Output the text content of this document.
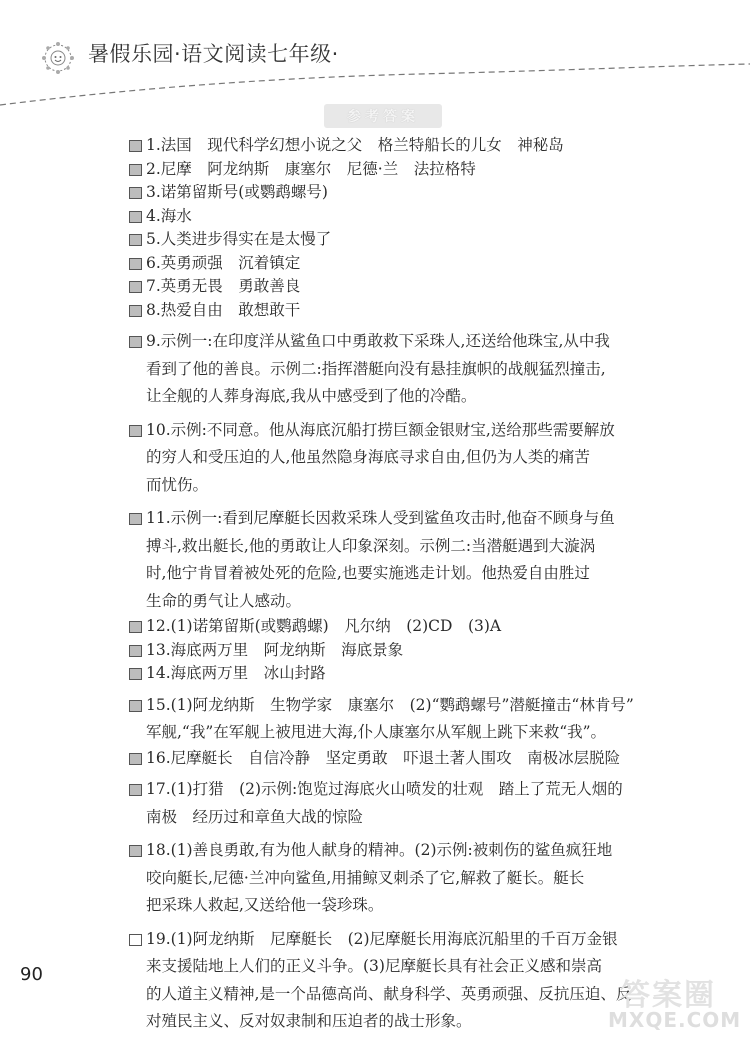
暑假乐园·语文阅读七年级·
参考答案
1.法国　现代科学幻想小说之父　格兰特船长的儿女　神秘岛
2.尼摩　阿龙纳斯　康塞尔　尼德·兰　法拉格特
3.诺第留斯号(或鹦鹉螺号)
4.海水
5.人类进步得实在是太慢了
6.英勇顽强　沉着镇定
7.英勇无畏　勇敢善良
8.热爱自由　敢想敢干
9.示例一:在印度洋从鲨鱼口中勇敢救下采珠人,还送给他珠宝,从中我
看到了他的善良。示例二:指挥潜艇向没有悬挂旗帜的战舰猛烈撞击,
让全舰的人葬身海底,我从中感受到了他的冷酷。
10.示例:不同意。他从海底沉船打捞巨额金银财宝,送给那些需要解放
的穷人和受压迫的人,他虽然隐身海底寻求自由,但仍为人类的痛苦
而忧伤。
11.示例一:看到尼摩艇长因救采珠人受到鲨鱼攻击时,他奋不顾身与鱼
搏斗,救出艇长,他的勇敢让人印象深刻。示例二:当潜艇遇到大漩涡
时,他宁肯冒着被处死的危险,也要实施逃走计划。他热爱自由胜过
生命的勇气让人感动。
12.(1)诺第留斯(或鹦鹉螺)　凡尔纳　(2)CD　(3)A
13.海底两万里　阿龙纳斯　海底景象
14.海底两万里　冰山封路
15.(1)阿龙纳斯　生物学家　康塞尔　(2)“鹦鹉螺号”潜艇撞击“林肯号”
军舰,“我”在军舰上被甩进大海,仆人康塞尔从军舰上跳下来救“我”。
16.尼摩艇长　自信冷静　坚定勇敢　吓退土著人围攻　南极冰层脱险
17.(1)打猎　(2)示例:饱览过海底火山喷发的壮观　踏上了荒无人烟的
南极　经历过和章鱼大战的惊险
18.(1)善良勇敢,有为他人献身的精神。(2)示例:被刺伤的鲨鱼疯狂地
咬向艇长,尼德·兰冲向鲨鱼,用捕鲸叉刺杀了它,解救了艇长。艇长
把采珠人救起,又送给他一袋珍珠。
19.(1)阿龙纳斯　尼摩艇长　(2)尼摩艇长用海底沉船里的千百万金银
来支援陆地上人们的正义斗争。(3)尼摩艇长具有社会正义感和崇高
的人道主义精神,是一个品德高尚、献身科学、英勇顽强、反抗压迫、反
对殖民主义、反对奴隶制和压迫者的战士形象。
90
答案圈
MXQE.COM
